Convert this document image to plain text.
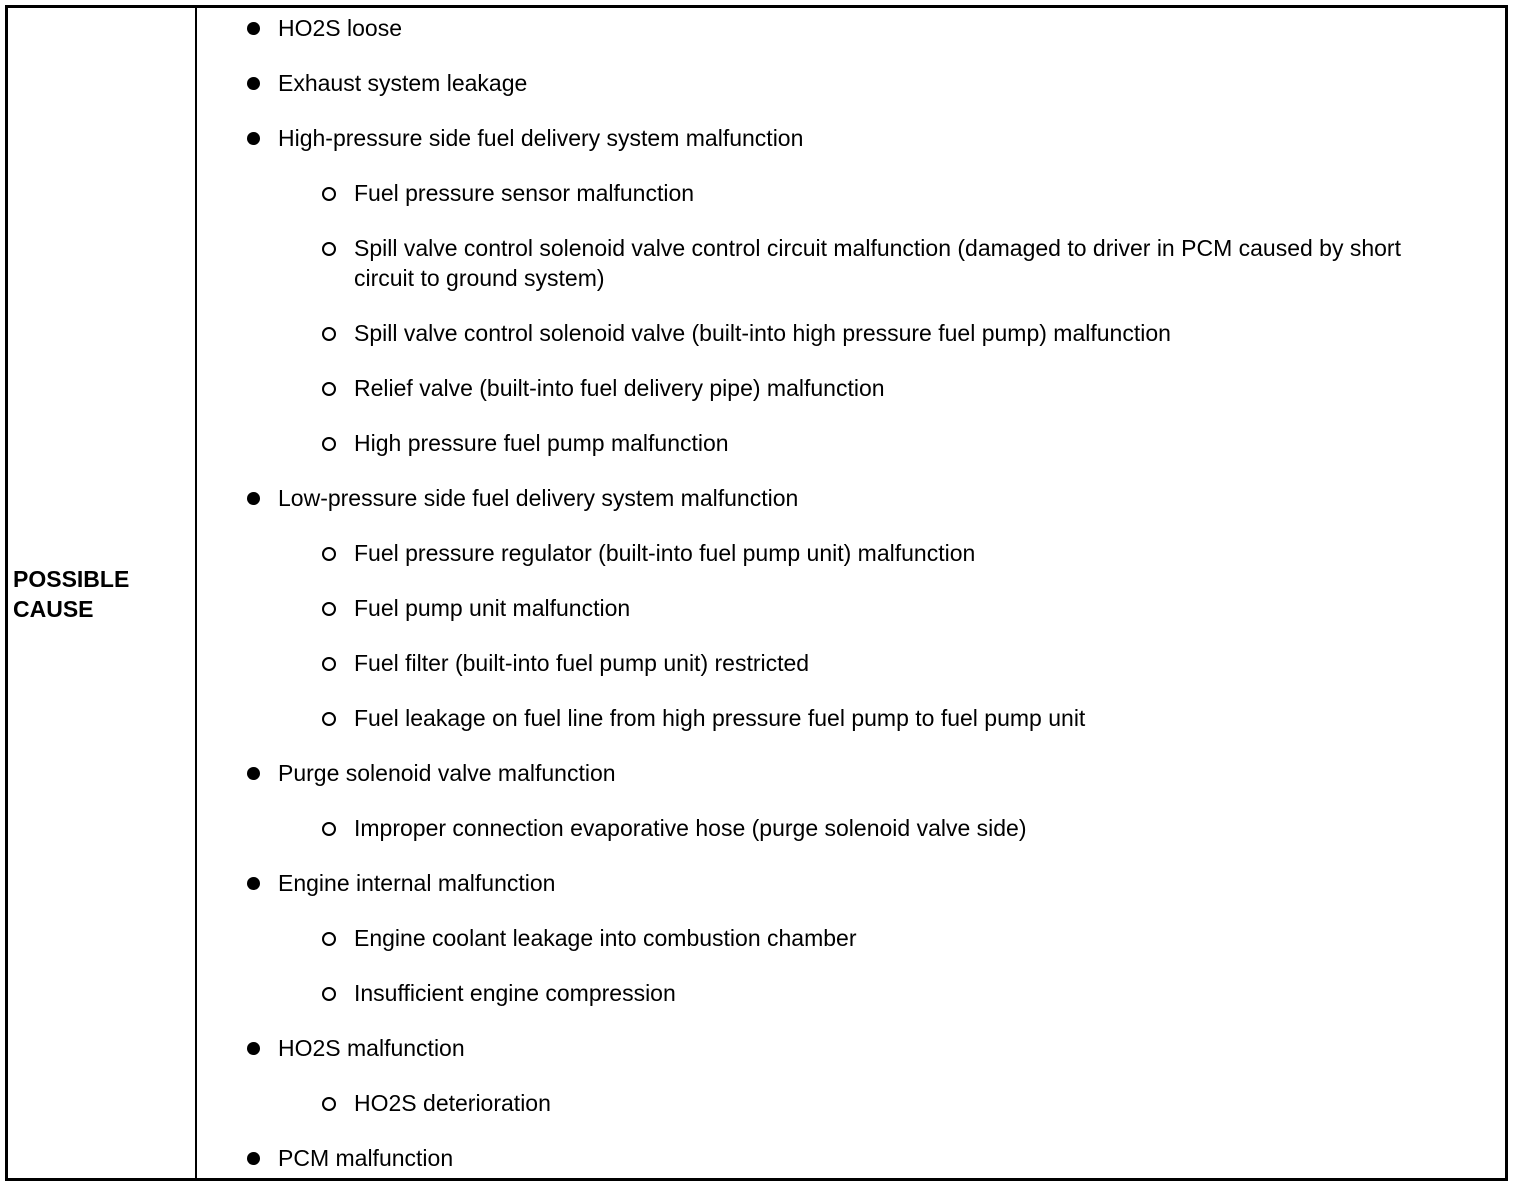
POSSIBLE
CAUSE
HO2S loose
Exhaust system leakage
High-pressure side fuel delivery system malfunction
Fuel pressure sensor malfunction
Spill valve control solenoid valve control circuit malfunction (damaged to driver in PCM caused by short circuit to ground system)
Spill valve control solenoid valve (built-into high pressure fuel pump) malfunction
Relief valve (built-into fuel delivery pipe) malfunction
High pressure fuel pump malfunction
Low-pressure side fuel delivery system malfunction
Fuel pressure regulator (built-into fuel pump unit) malfunction
Fuel pump unit malfunction
Fuel filter (built-into fuel pump unit) restricted
Fuel leakage on fuel line from high pressure fuel pump to fuel pump unit
Purge solenoid valve malfunction
Improper connection evaporative hose (purge solenoid valve side)
Engine internal malfunction
Engine coolant leakage into combustion chamber
Insufficient engine compression
HO2S malfunction
HO2S deterioration
PCM malfunction
